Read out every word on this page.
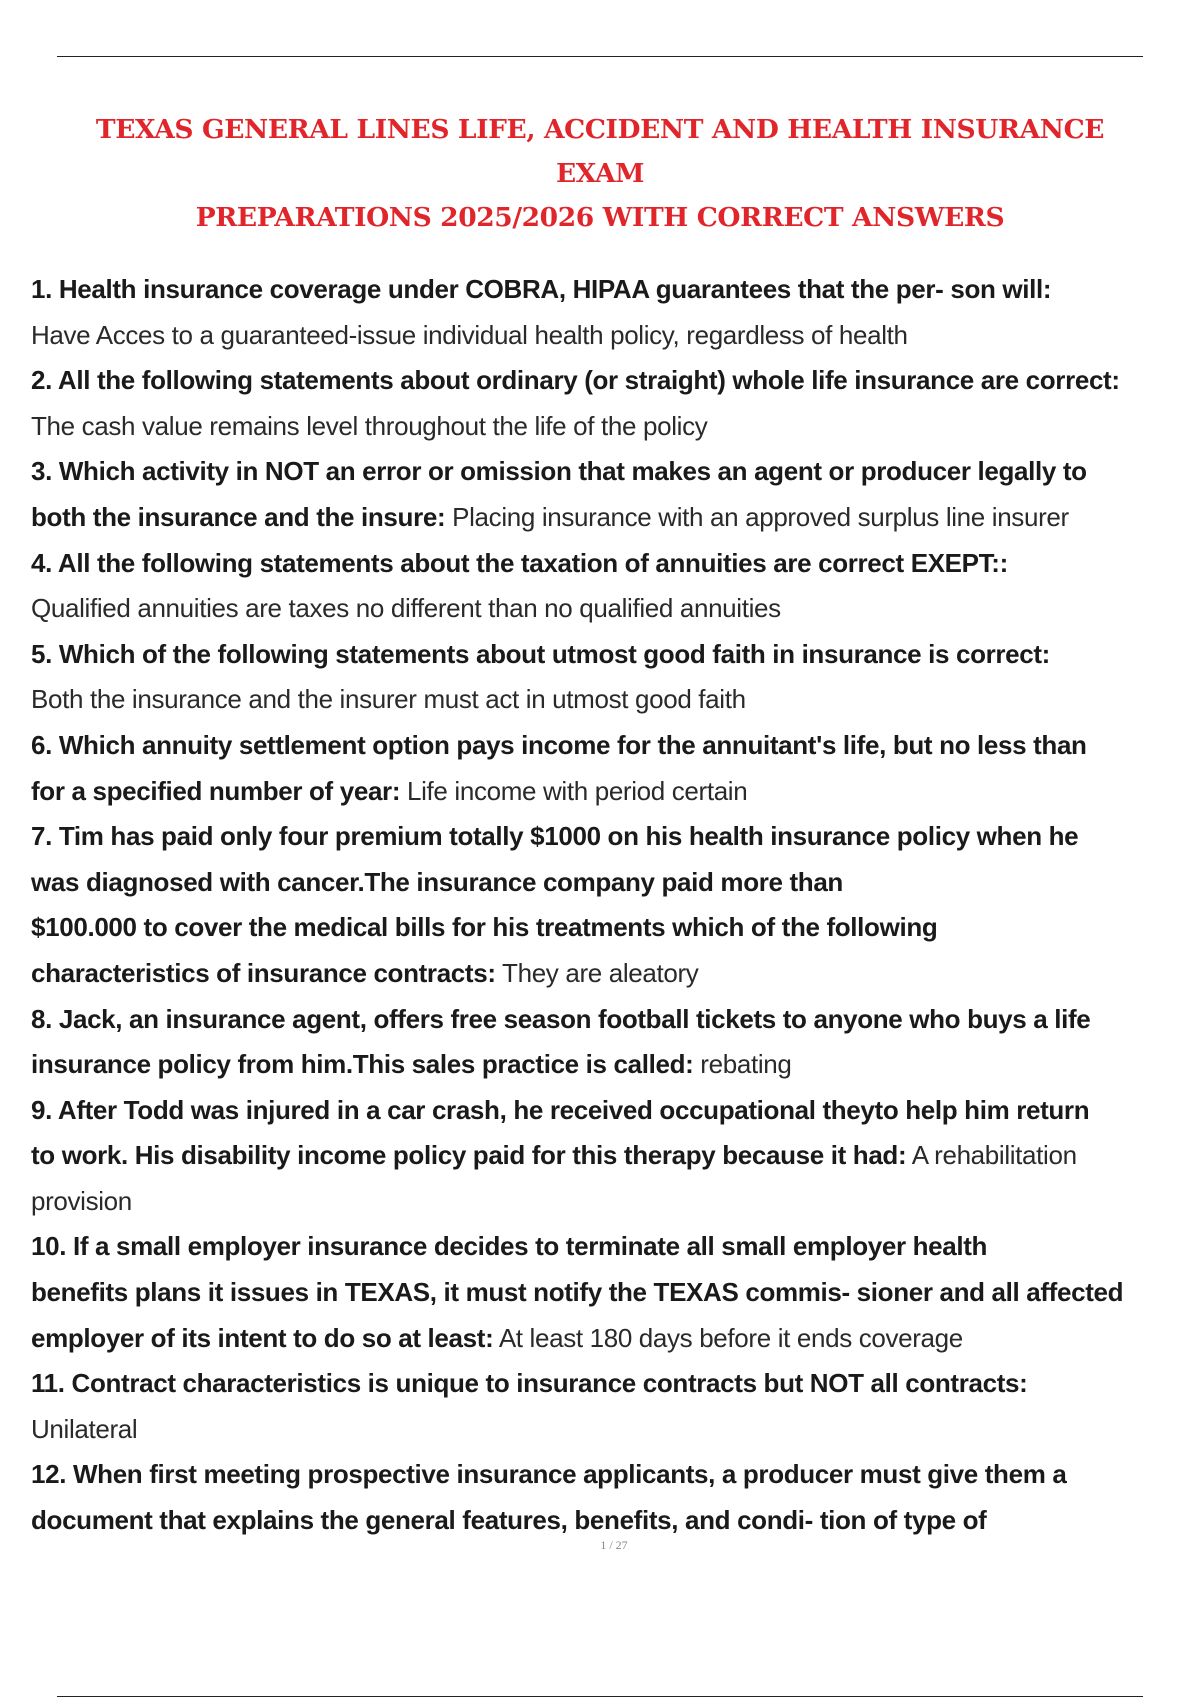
TEXAS GENERAL LINES LIFE, ACCIDENT AND HEALTH INSURANCE EXAM
PREPARATIONS 2025/2026 WITH CORRECT ANSWERS
1. Health insurance coverage under COBRA, HIPAA guarantees that the per- son will:
Have Acces to a guaranteed-issue individual health policy, regardless of health
2. All the following statements about ordinary (or straight) whole life insurance are correct:
The cash value remains level throughout the life of the policy
3. Which activity in NOT an error or omission that makes an agent or producer legally to
both the insurance and the insure: Placing insurance with an approved surplus line insurer
4. All the following statements about the taxation of annuities are correct EXEPT::
Qualified annuities are taxes no different than no qualified annuities
5. Which of the following statements about utmost good faith in insurance is correct:
Both the insurance and the insurer must act in utmost good faith
6. Which annuity settlement option pays income for the annuitant's life, but no less than
for a specified number of year: Life income with period certain
7. Tim has paid only four premium totally $1000 on his health insurance policy when he
was diagnosed with cancer.The insurance company paid more than
$100.000 to cover the medical bills for his treatments which of the following
characteristics of insurance contracts: They are aleatory
8. Jack, an insurance agent, offers free season football tickets to anyone who buys a life
insurance policy from him.This sales practice is called: rebating
9. After Todd was injured in a car crash, he received occupational theyto help him return
to work. His disability income policy paid for this therapy because it had: A rehabilitation
provision
10. If a small employer insurance decides to terminate all small employer health
benefits plans it issues in TEXAS, it must notify the TEXAS commis- sioner and all affected
employer of its intent to do so at least: At least 180 days before it ends coverage
11. Contract characteristics is unique to insurance contracts but NOT all contracts:
Unilateral
12. When first meeting prospective insurance applicants, a producer must give them a
document that explains the general features, benefits, and condi- tion of type of
1 / 27
